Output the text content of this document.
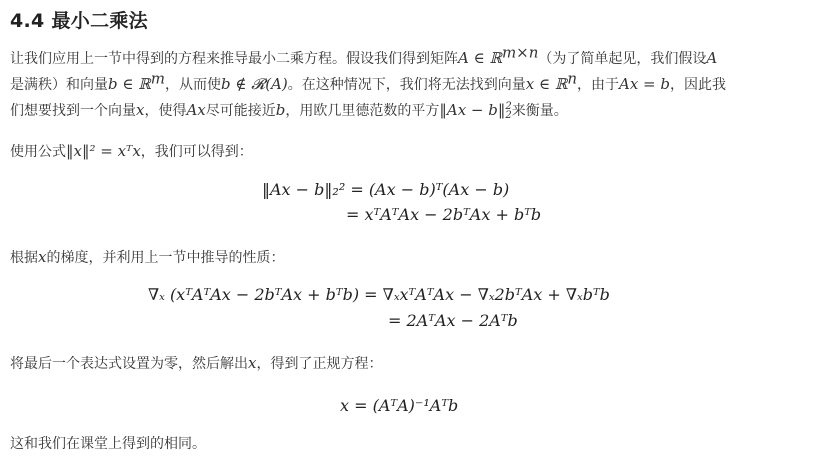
4.4 最小二乘法
让我们应用上一节中得到的方程来推导最小二乘方程。假设我们得到矩阵A ∈ ℝ$^{m\times n}$（为了简单起见，我们假设A
是满秩）和向量b ∈ ℝ$^m$，从而使b ∉ 𝓡(A)。在这种情况下，我们将无法找到向量x ∈ ℝ$^n$，由于Ax = b，因此我
们想要找到一个向量x，使得Ax尽可能接近b，用欧几里德范数的平方‖Ax − b‖ 2
2 来衡量。
使用公式‖x‖² = xᵀx，我们可以得到：
‖Ax − b‖₂² = (Ax − b)ᵀ(Ax − b)
= xᵀAᵀAx − 2bᵀAx + bᵀb
根据x的梯度，并利用上一节中推导的性质：
∇ₓ (xᵀAᵀAx − 2bᵀAx + bᵀb) = ∇ₓxᵀAᵀAx − ∇ₓ2bᵀAx + ∇ₓbᵀb
= 2AᵀAx − 2Aᵀb
将最后一个表达式设置为零，然后解出x，得到了正规方程：
x = (AᵀA)⁻¹Aᵀb
这和我们在课堂上得到的相同。
